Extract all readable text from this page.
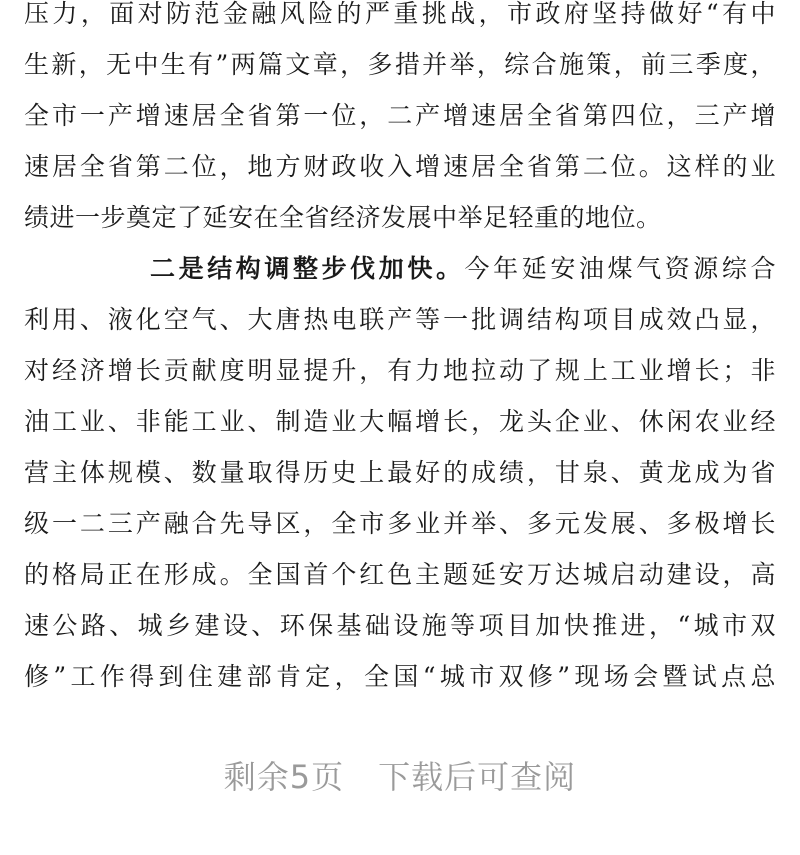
压力，面对防范金融风险的严重挑战，市政府坚持做好“有中
生新，无中生有”两篇文章，多措并举，综合施策，前三季度，
全市一产增速居全省第一位，二产增速居全省第四位，三产增
速居全省第二位，地方财政收入增速居全省第二位。这样的业
绩进一步奠定了延安在全省经济发展中举足轻重的地位。
二是结构调整步伐加快。今年延安油煤气资源综合
利用、液化空气、大唐热电联产等一批调结构项目成效凸显，
对经济增长贡献度明显提升，有力地拉动了规上工业增长；非
油工业、非能工业、制造业大幅增长，龙头企业、休闲农业经
营主体规模、数量取得历史上最好的成绩，甘泉、黄龙成为省
级一二三产融合先导区，全市多业并举、多元发展、多极增长
的格局正在形成。全国首个红色主题延安万达城启动建设，高
速公路、城乡建设、环保基础设施等项目加快推进，“城市双
修”工作得到住建部肯定，全国“城市双修”现场会暨试点总
剩余5页 下载后可查阅
